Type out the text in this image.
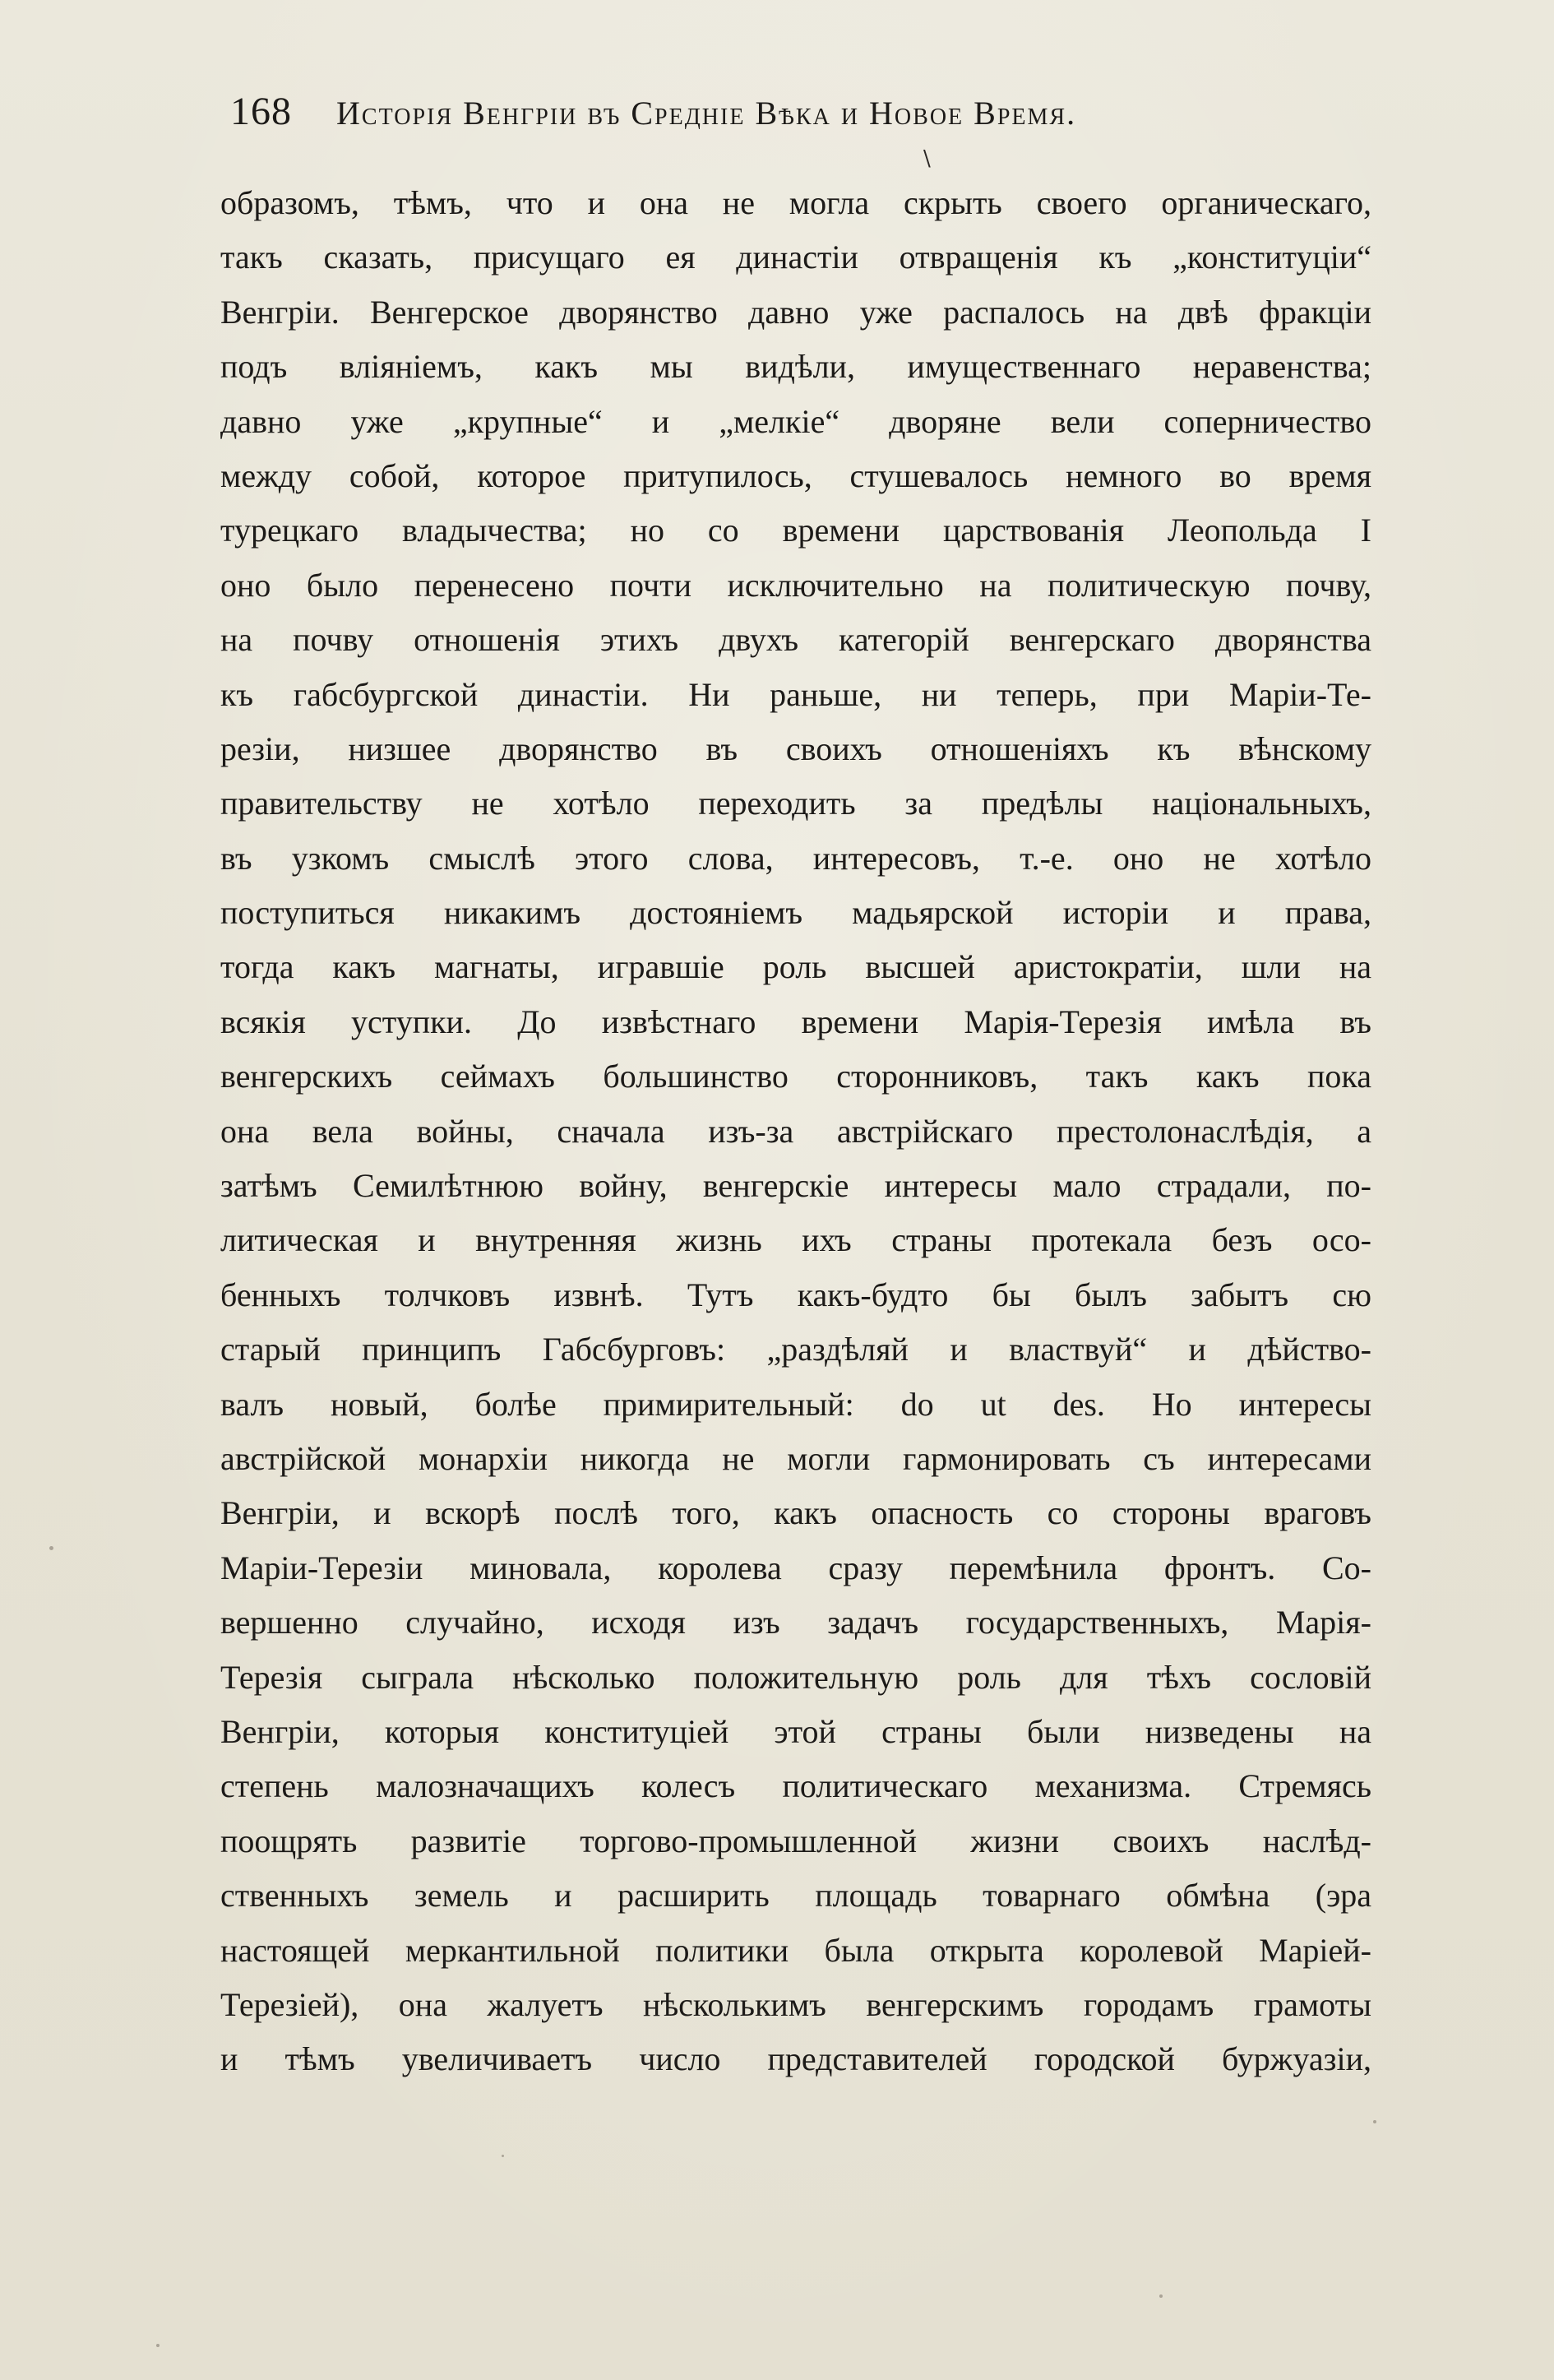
168 Исторія Венгріи въ Средніе Вѣка и Новое Время.
\
образомъ, тѣмъ, что и она не могла скрыть своего органическаго,
такъ сказать, присущаго ея династіи отвращенія къ „конституціи“
Венгріи. Венгерское дворянство давно уже распалось на двѣ фракціи
подъ вліяніемъ, какъ мы видѣли, имущественнаго неравенства;
давно уже „крупные“ и „мелкіе“ дворяне вели соперничество
между собой, которое притупилось, стушевалось немного во время
турецкаго владычества; но со времени царствованія Леопольда I
оно было перенесено почти исключительно на политическую почву,
на почву отношенія этихъ двухъ категорій венгерскаго дворянства
къ габсбургской династіи. Ни раньше, ни теперь, при Маріи-Те-
резіи, низшее дворянство въ своихъ отношеніяхъ къ вѣнскому
правительству не хотѣло переходить за предѣлы національныхъ,
въ узкомъ смыслѣ этого слова, интересовъ, т.-е. оно не хотѣло
поступиться никакимъ достояніемъ мадьярской исторіи и права,
тогда какъ магнаты, игравшіе роль высшей аристократіи, шли на
всякія уступки. До извѣстнаго времени Марія-Терезія имѣла въ
венгерскихъ сеймахъ большинство сторонниковъ, такъ какъ пока
она вела войны, сначала изъ-за австрійскаго престолонаслѣдія, а
затѣмъ Семилѣтнюю войну, венгерскіе интересы мало страдали, по-
литическая и внутренняя жизнь ихъ страны протекала безъ осо-
бенныхъ толчковъ извнѣ. Тутъ какъ-будто бы былъ забытъ сю
старый принципъ Габсбурговъ: „раздѣляй и властвуй“ и дѣйство-
валъ новый, болѣе примирительный: do ut des. Но интересы
австрійской монархіи никогда не могли гармонировать съ интересами
Венгріи, и вскорѣ послѣ того, какъ опасность со стороны враговъ
Маріи-Терезіи миновала, королева сразу перемѣнила фронтъ. Со-
вершенно случайно, исходя изъ задачъ государственныхъ, Марія-
Терезія сыграла нѣсколько положительную роль для тѣхъ сословій
Венгріи, которыя конституціей этой страны были низведены на
степень малозначащихъ колесъ политическаго механизма. Стремясь
поощрять развитіе торгово-промышленной жизни своихъ наслѣд-
ственныхъ земель и расширить площадь товарнаго обмѣна (эра
настоящей меркантильной политики была открыта королевой Маріей-
Терезіей), она жалуетъ нѣсколькимъ венгерскимъ городамъ грамоты
и тѣмъ увеличиваетъ число представителей городской буржуазіи,
